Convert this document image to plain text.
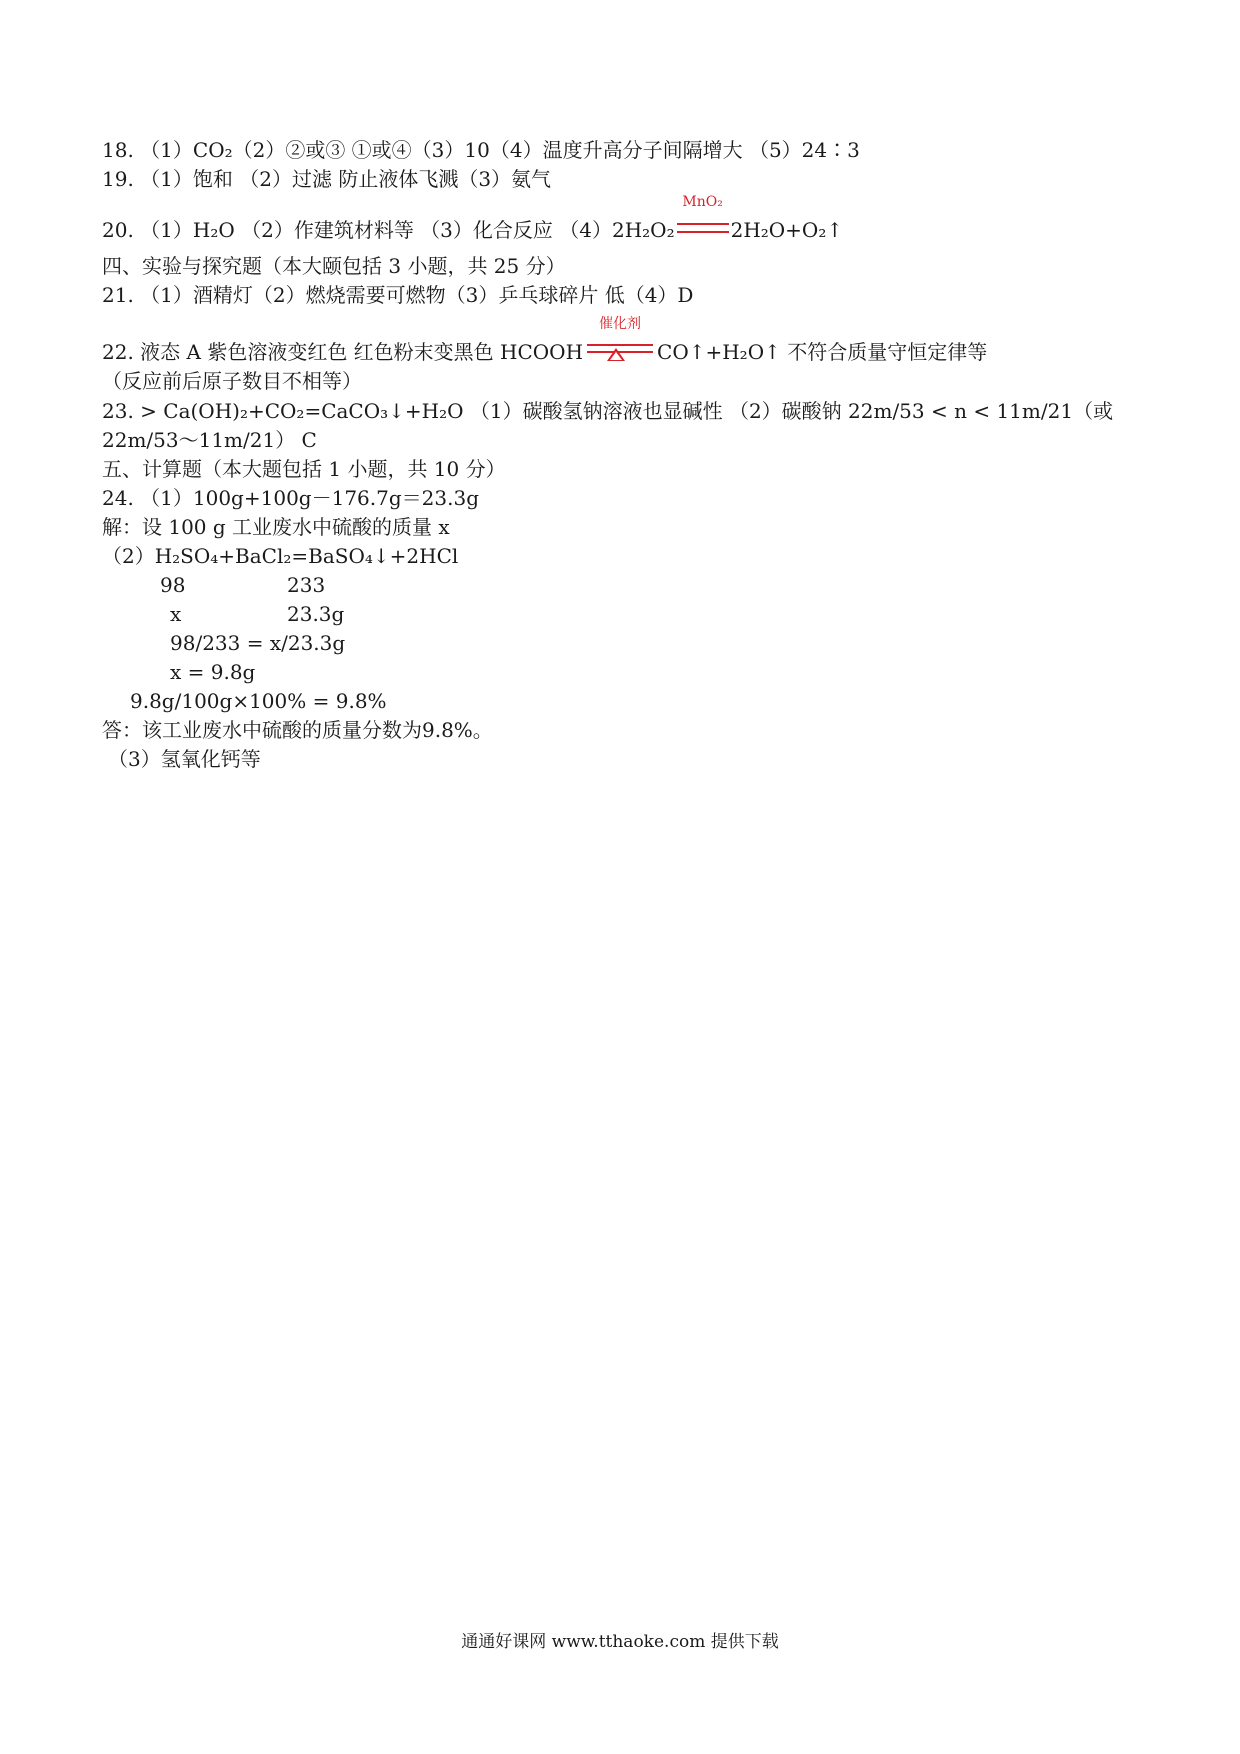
18. （1）CO₂（2）②或③ ①或④（3）10（4）温度升高分子间隔增大 （5）24∶3
19. （1）饱和 （2）过滤 防止液体飞溅（3）氨气
20. （1）H₂O （2）作建筑材料等 （3）化合反应 （4）2H₂O₂
MnO₂
2H₂O+O₂↑
四、实验与探究题（本大颐包括 3 小题，共 25 分）
21. （1）酒精灯（2）燃烧需要可燃物（3）乒乓球碎片 低（4）D
22. 液态 A 紫色溶液变红色 红色粉末变黑色 HCOOH
催化剂
CO↑+H₂O↑ 不符合质量守恒定律等
（反应前后原子数目不相等）
23. > Ca(OH)₂+CO₂=CaCO₃↓+H₂O （1）碳酸氢钠溶液也显碱性 （2）碳酸钠 22m/53 < n < 11m/21（或
22m/53～11m/21） C
五、计算题（本大题包括 1 小题，共 10 分）
24. （1）100g+100g－176.7g＝23.3g
解：设 100 g 工业废水中硫酸的质量 x
（2）H₂SO₄+BaCl₂=BaSO₄↓+2HCl
98	233
x	23.3g
98/233 = x/23.3g
x = 9.8g
9.8g/100g×100% = 9.8%
答：该工业废水中硫酸的质量分数为9.8%。
（3）氢氧化钙等
通通好课网 www.tthaoke.com 提供下载
